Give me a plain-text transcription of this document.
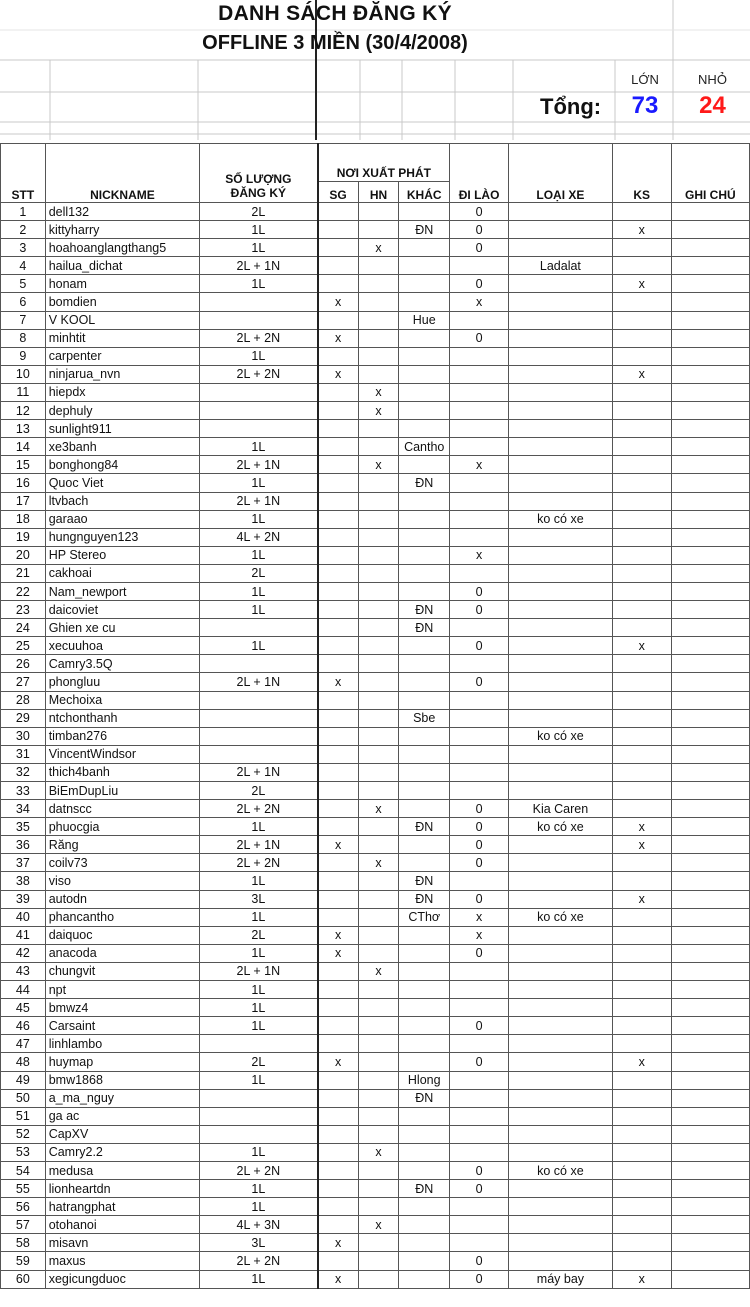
DANH SÁCH ĐĂNG KÝ
OFFLINE 3 MIỀN (30/4/2008)
Tổng:
LỚN	NHỎ
73	24
STT	NICKNAME	SỐ LƯỢNG ĐĂNG KÝ	NƠI XUẤT PHÁT			ĐI LÀO	LOẠI XE	KS	GHI CHÚ
			SG	HN	KHÁC				
1	dell132	2L				0			
2	kittyharry	1L			ĐN	0		x	
3	hoahoanglangthang5	1L		x		0			
4	hailua_dichat	2L + 1N					Ladalat		
5	honam	1L				0		x	
6	bomdien		x			x			
7	V KOOL				Hue				
8	minhtit	2L + 2N	x			0			
9	carpenter	1L							
10	ninjarua_nvn	2L + 2N	x					x	
11	hiepdx			x					
12	dephuly			x					
13	sunlight911								
14	xe3banh	1L			Cantho				
15	bonghong84	2L + 1N		x		x			
16	Quoc Viet	1L			ĐN				
17	ltvbach	2L + 1N							
18	garaao	1L					ko có xe		
19	hungnguyen123	4L + 2N							
20	HP Stereo	1L				x			
21	cakhoai	2L							
22	Nam_newport	1L				0			
23	daicoviet	1L			ĐN	0			
24	Ghien xe cu				ĐN				
25	xecuuhoa	1L				0		x	
26	Camry3.5Q								
27	phongluu	2L + 1N	x			0			
28	Mechoixa								
29	ntchonthanh				Sbe				
30	timban276						ko có xe		
31	VincentWindsor								
32	thich4banh	2L + 1N							
33	BiEmDupLiu	2L							
34	datnscc	2L + 2N		x		0	Kia Caren		
35	phuocgia	1L			ĐN	0	ko có xe	x	
36	Răng	2L + 1N	x			0		x	
37	coilv73	2L + 2N		x		0			
38	viso	1L			ĐN				
39	autodn	3L			ĐN	0		x	
40	phancantho	1L			CThơ	x	ko có xe		
41	daiquoc	2L	x			x			
42	anacoda	1L	x			0			
43	chungvit	2L + 1N		x					
44	npt	1L							
45	bmwz4	1L							
46	Carsaint	1L				0			
47	linhlambo								
48	huymap	2L	x			0		x	
49	bmw1868	1L			Hlong				
50	a_ma_nguy				ĐN				
51	ga ac								
52	CapXV								
53	Camry2.2	1L		x					
54	medusa	2L + 2N				0	ko có xe		
55	lionheartdn	1L			ĐN	0			
56	hatrangphat	1L							
57	otohanoi	4L + 3N		x					
58	misavn	3L	x						
59	maxus	2L + 2N				0			
60	xegicungduoc	1L	x			0	máy bay	x	
